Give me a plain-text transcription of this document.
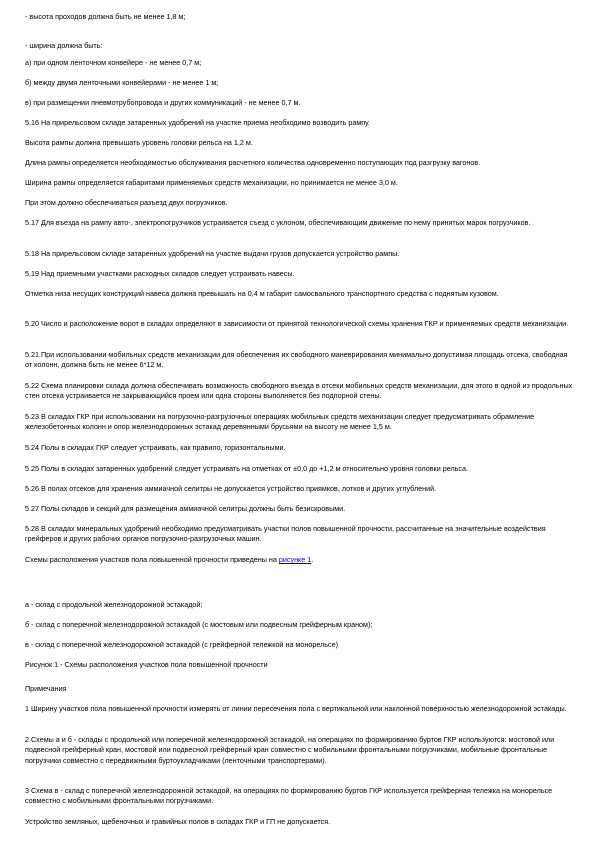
- высота проходов должна быть не менее 1,8 м;

- ширина должна быть:

а) при одном ленточном конвейере - не менее 0,7 м;

б) между двумя ленточными конвейерами - не менее 1 м;

в) при размещении пневмотрубопровода и других коммуникаций - не менее 0,7 м.

5.16 На прирельсовом складе затаренных удобрений на участке приема необходимо возводить рампу.

Высота рампы должна превышать уровень головки рельса на 1,2 м.

Длина рампы определяется необходимостью обслуживания расчетного количества одновременно поступающих под разгрузку вагонов.

Ширина рампы определяется габаритами применяемых средств механизации, но принимается не менее 3,0 м.

При этом должно обеспечиваться разъезд двух погрузчиков.

5.17 Для въезда на рампу авто-, электропогрузчиков устраивается съезд с уклоном, обеспечивающим движение по нему принятых марок погрузчиков.

5.18 На прирельсовом складе затаренных удобрений на участке выдачи грузов допускается устройство рампы.

5.19 Над приемными участками расходных складов следует устраивать навесы.

Отметка низа несущих конструкций навеса должна превышать на 0,4 м габарит самосвального транспортного средства с поднятым кузовом.

5.20 Число и расположение ворот в складах определяют в зависимости от принятой технологической схемы хранения ГКР и применяемых средств механизации.

5.21 При использовании мобильных средств механизации для обеспечения их свободного маневрирования минимально допустимая площадь отсека, свободная от колонн, должна быть не менее 6*12 м.

5.22 Схема планировки склада должна обеспечивать возможность свободного въезда в отсеки мобильных средств механизации, для этого в одной из продольных стен отсека устраивается не закрывающийся проем или одна стороны выполняется без подпорной стены.

5.23 В складах ГКР при использовании на погрузочно-разгрузочных операциях мобильных средств механизации следует предусматривать обрамление железобетонных колонн и опор железнодорожных эстакад деревянными брусьями на высоту не менее 1,5 м.

5.24 Полы в складах ГКР следует устраивать, как правило, горизонтальными.

5.25 Полы в складах затаренных удобрений следует устраивать на отметках от ±0,0 до +1,2 м относительно уровня головки рельса.

5.26 В полах отсеков для хранения аммиачной селитры не допускается устройство приямков, лотков и других углублений.

5.27 Полы складов и секций для размещения аммиачной селитры должны быть безискровыми.

5.28 В складах минеральных удобрений необходимо предусматривать участки полов повышенной прочности, рассчитанные на значительные воздействия грейферов и других рабочих органов погрузочно-разгрузочных машин.

Схемы расположения участков пола повышенной прочности приведены на рисунке 1.

а - склад с продольной железнодорожной эстакадой;

б - склад с поперечной железнодорожной эстакадой (с мостовым или подвесным грейферным краном);

в - склад с поперечной железнодорожной эстакадой (с грейферной тележкой на монорельсе)

Рисунок 1 - Схемы расположения участков пола повышенной прочности

Примечания

1 Ширину участков пола повышенной прочности измерять от линии пересечения пола с вертикальной или наклонной поверхностью железнодорожной эстакады.

2 Схемы а и б - склады с продольной или поперечной железнодорожной эстакадой, на операциях по формированию буртов ГКР используются: мостовой или подвесной грейферный кран, мостовой или подвесной грейферный кран совместно с мобильными фронтальными погрузчиками, мобильные фронтальные погрузчики совместно с передвижными буртоукладчиками (ленточными транспортерами).

3 Схема в - склад с поперечной железнодорожной эстакадой, на операциях по формированию буртов ГКР используется грейферная тележка на монорельсе совместно с мобильными фронтальными погрузчиками.

Устройство земляных, щебеночных и гравийных полов в складах ГКР и ГП не допускается.
